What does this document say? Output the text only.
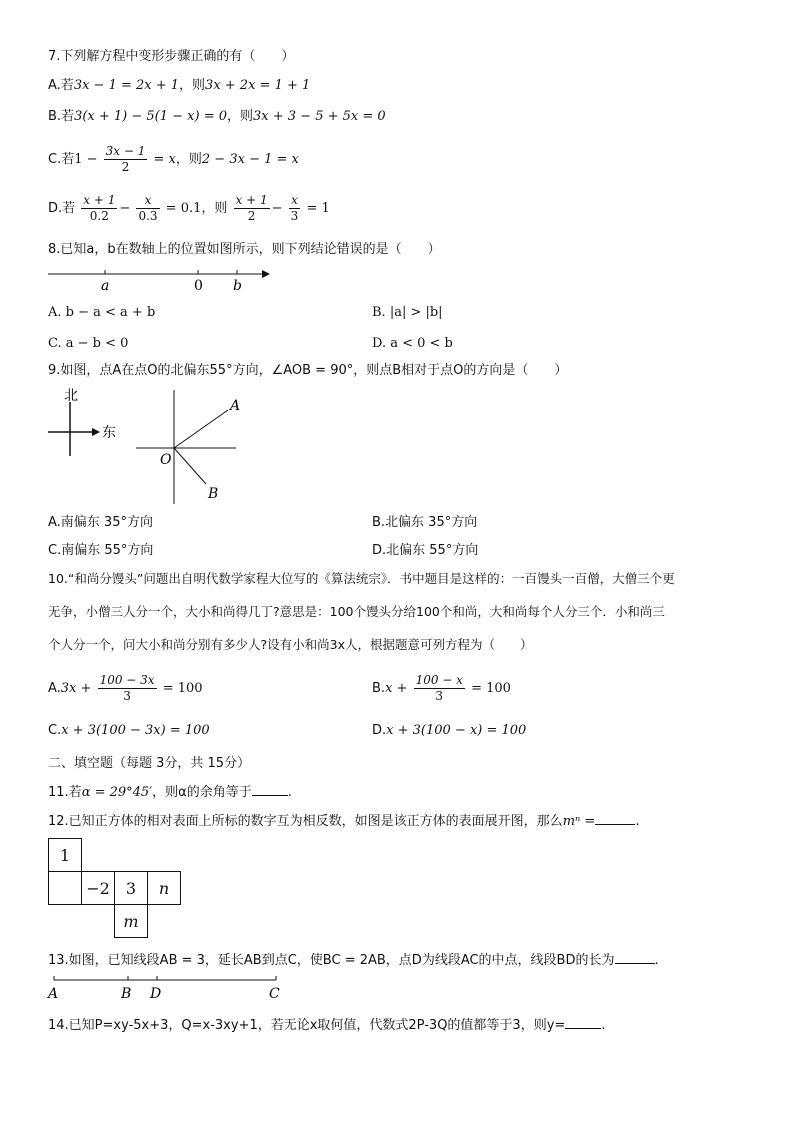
7.下列解方程中变形步骤正确的有（　　）
A.若3x − 1 = 2x + 1，则3x + 2x = 1 + 1
B.若3(x + 1) − 5(1 − x) = 0，则3x + 3 − 5 + 5x = 0
C.若$1 - \frac{3x - 1}{2} = x$，则2 − 3x − 1 = x
D.若 $\frac{x + 1}{0.2} - \frac{x}{0.3} = 0.1$，则 $\frac{x + 1}{2} - \frac{x}{3} = 1$
8.已知a，b在数轴上的位置如图所示，则下列结论错误的是（　　）
a	0 b
A. b − a < a + b	B. |a| > |b|
C. a − b < 0	D. a < 0 < b
9.如图，点A在点O的北偏东55°方向，∠AOB = 90°，则点B相对于点O的方向是（　　）
北
东
A
O
B
A.南偏东 35°方向	B.北偏东 35°方向
C.南偏东 55°方向	D.北偏东 55°方向
10.“和尚分馒头”问题出自明代数学家程大位写的《算法统宗》．书中题目是这样的：一百馒头一百僧，大僧三个更
无争，小僧三人分一个，大小和尚得几丁?意思是：100个馒头分给100个和尚，大和尚每个人分三个．小和尚三
个人分一个，问大小和尚分别有多少人?设有小和尚3x人，根据题意可列方程为（　　）
$A.3x + \frac{100 - 3x}{3} = 100$	$B.x + \frac{100 - x}{3} = 100$
C.x + 3(100 − 3x) = 100	D.x + 3(100 − x) = 100
二、填空题（每题 3分，共 15分）
11.若α = 29°45′，则α的余角等于	.
12.已知正方体的相对表面上所标的数字互为相反数，如图是该正方体的表面展开图，那么mⁿ =	.
1
−2 3 n
m
13.如图，已知线段AB = 3，延长AB到点C，使BC = 2AB，点D为线段AC的中点，线段BD的长为	.
A	B D	C
14.已知P=xy-5x+3，Q=x-3xy+1，若无论x取何值，代数式2P-3Q的值都等于3，则y=	.
